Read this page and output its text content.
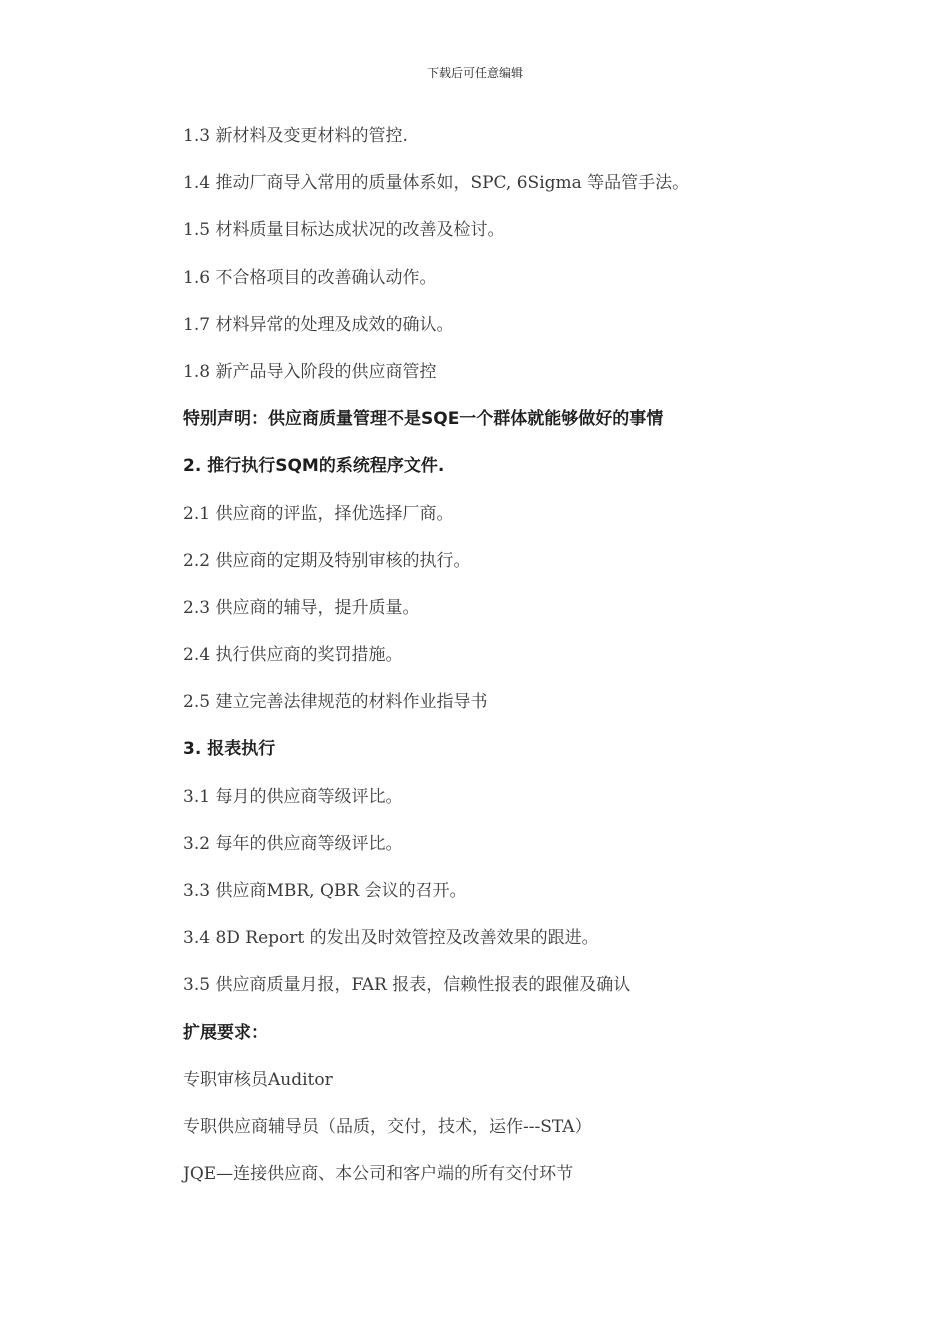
下载后可任意编辑
1.3 新材料及变更材料的管控.
1.4 推动厂商导入常用的质量体系如，SPC, 6Sigma 等品管手法。
1.5 材料质量目标达成状况的改善及检讨。
1.6 不合格项目的改善确认动作。
1.7 材料异常的处理及成效的确认。
1.8 新产品导入阶段的供应商管控
特别声明：供应商质量管理不是SQE一个群体就能够做好的事情
2. 推行执行SQM的系统程序文件.
2.1 供应商的评监，择优选择厂商。
2.2 供应商的定期及特别审核的执行。
2.3 供应商的辅导，提升质量。
2.4 执行供应商的奖罚措施。
2.5 建立完善法律规范的材料作业指导书
3. 报表执行
3.1 每月的供应商等级评比。
3.2 每年的供应商等级评比。
3.3 供应商MBR, QBR 会议的召开。
3.4 8D Report 的发出及时效管控及改善效果的跟进。
3.5 供应商质量月报，FAR 报表，信赖性报表的跟催及确认
扩展要求：
专职审核员Auditor
专职供应商辅导员（品质，交付，技术，运作---STA）
JQE—连接供应商、本公司和客户端的所有交付环节
